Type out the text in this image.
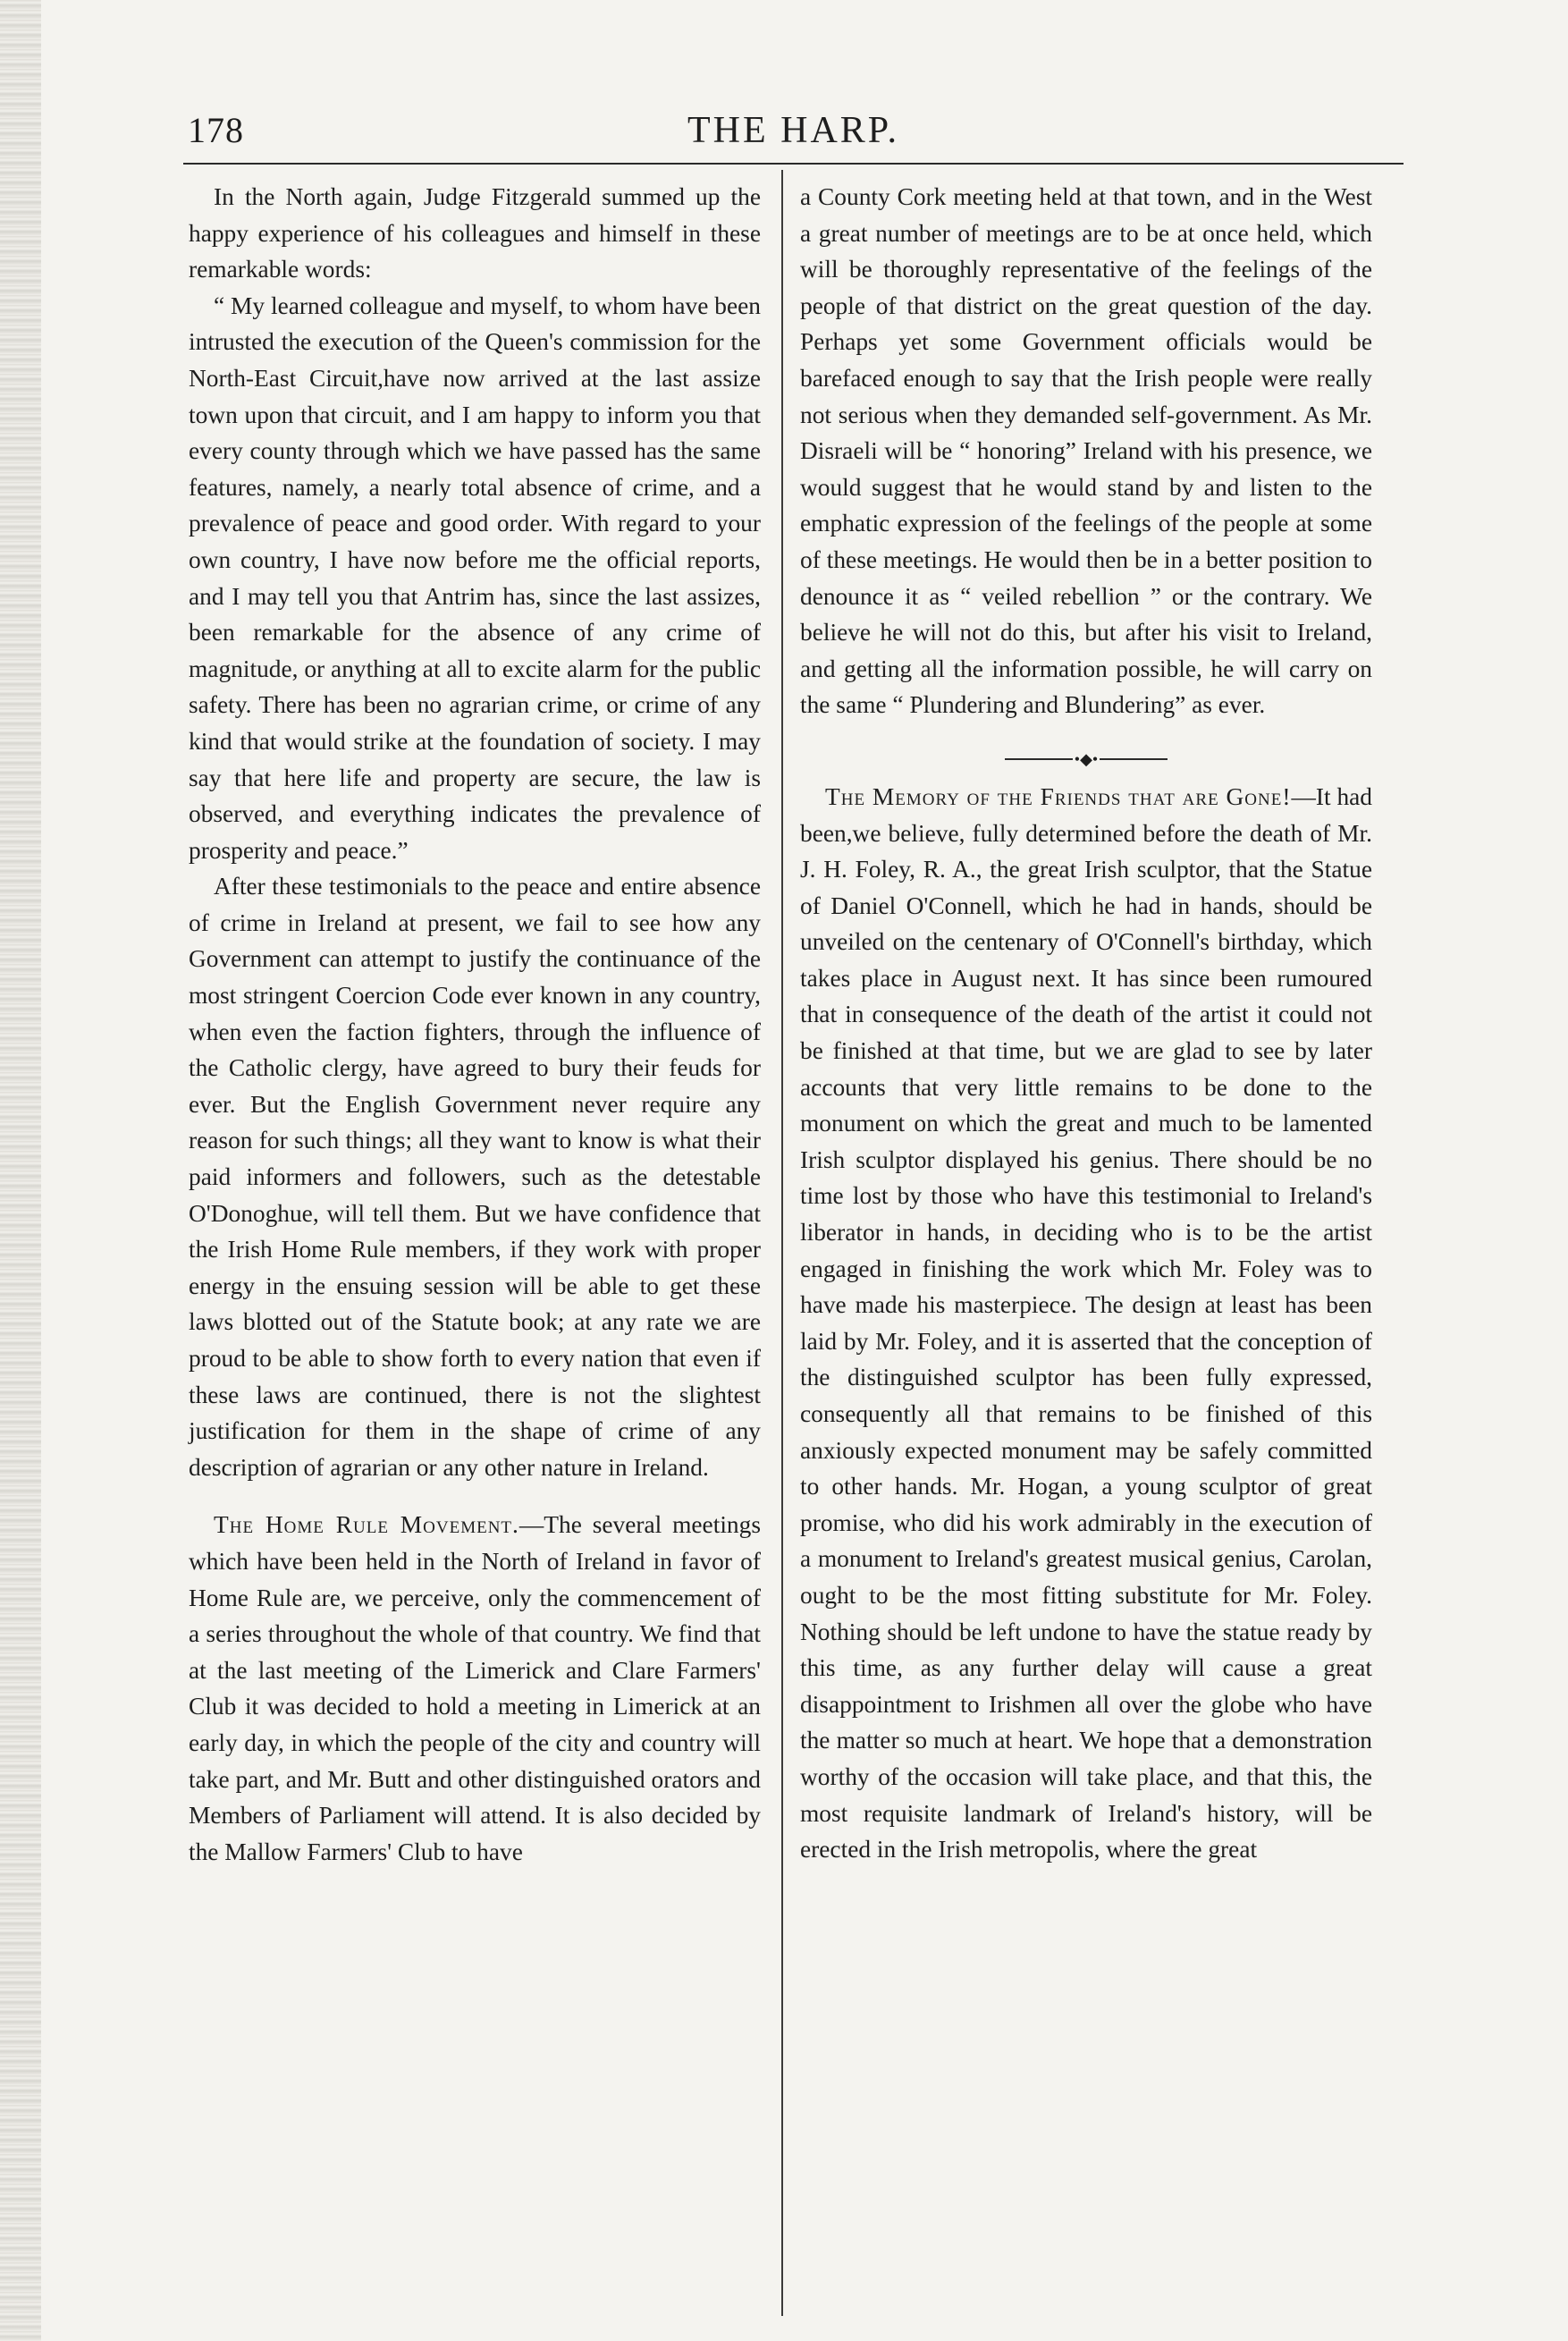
178	THE HARP.

In the North again, Judge Fitzgerald summed up the happy experience of his colleagues and himself in these remarkable words:

“ My learned colleague and myself, to whom have been intrusted the execution of the Queen's commission for the North-East Circuit,have now arrived at the last assize town upon that circuit, and I am happy to inform you that every county through which we have passed has the same features, namely, a nearly total absence of crime, and a prevalence of peace and good order. With regard to your own country, I have now before me the official reports, and I may tell you that Antrim has, since the last assizes, been remarkable for the absence of any crime of magnitude, or anything at all to excite alarm for the public safety. There has been no agrarian crime, or crime of any kind that would strike at the foundation of society. I may say that here life and property are secure, the law is observed, and everything indicates the prevalence of prosperity and peace.”

After these testimonials to the peace and entire absence of crime in Ireland at present, we fail to see how any Government can attempt to justify the continuance of the most stringent Coercion Code ever known in any country, when even the faction fighters, through the influence of the Catholic clergy, have agreed to bury their feuds for ever. But the English Government never require any reason for such things; all they want to know is what their paid informers and followers, such as the detestable O'Donoghue, will tell them. But we have confidence that the Irish Home Rule members, if they work with proper energy in the ensuing session will be able to get these laws blotted out of the Statute book; at any rate we are proud to be able to show forth to every nation that even if these laws are continued, there is not the slightest justification for them in the shape of crime of any description of agrarian or any other nature in Ireland.

The Home Rule Movement.—The several meetings which have been held in the North of Ireland in favor of Home Rule are, we perceive, only the commencement of a series throughout the whole of that country. We find that at the last meeting of the Limerick and Clare Farmers' Club it was decided to hold a meeting in Limerick at an early day, in which the people of the city and country will take part, and Mr. Butt and other distinguished orators and Members of Parliament will attend. It is also decided by the Mallow Farmers' Club to have

a County Cork meeting held at that town, and in the West a great number of meetings are to be at once held, which will be thoroughly representative of the feelings of the people of that district on the great question of the day. Perhaps yet some Government officials would be barefaced enough to say that the Irish people were really not serious when they demanded self-government. As Mr. Disraeli will be “ honoring” Ireland with his presence, we would suggest that he would stand by and listen to the emphatic expression of the feelings of the people at some of these meetings. He would then be in a better position to denounce it as “ veiled rebellion ” or the contrary. We believe he will not do this, but after his visit to Ireland, and getting all the information possible, he will carry on the same “ Plundering and Blundering” as ever.

•◆•

The Memory of the Friends that are Gone!—It had been,we believe, fully determined before the death of Mr. J. H. Foley, R. A., the great Irish sculptor, that the Statue of Daniel O'Connell, which he had in hands, should be unveiled on the centenary of O'Connell's birthday, which takes place in August next. It has since been rumoured that in consequence of the death of the artist it could not be finished at that time, but we are glad to see by later accounts that very little remains to be done to the monument on which the great and much to be lamented Irish sculptor displayed his genius. There should be no time lost by those who have this testimonial to Ireland's liberator in hands, in deciding who is to be the artist engaged in finishing the work which Mr. Foley was to have made his masterpiece. The design at least has been laid by Mr. Foley, and it is asserted that the conception of the distinguished sculptor has been fully expressed, consequently all that remains to be finished of this anxiously expected monument may be safely committed to other hands. Mr. Hogan, a young sculptor of great promise, who did his work admirably in the execution of a monument to Ireland's greatest musical genius, Carolan, ought to be the most fitting substitute for Mr. Foley. Nothing should be left undone to have the statue ready by this time, as any further delay will cause a great disappointment to Irishmen all over the globe who have the matter so much at heart. We hope that a demonstration worthy of the occasion will take place, and that this, the most requisite landmark of Ireland's history, will be erected in the Irish metropolis, where the great
